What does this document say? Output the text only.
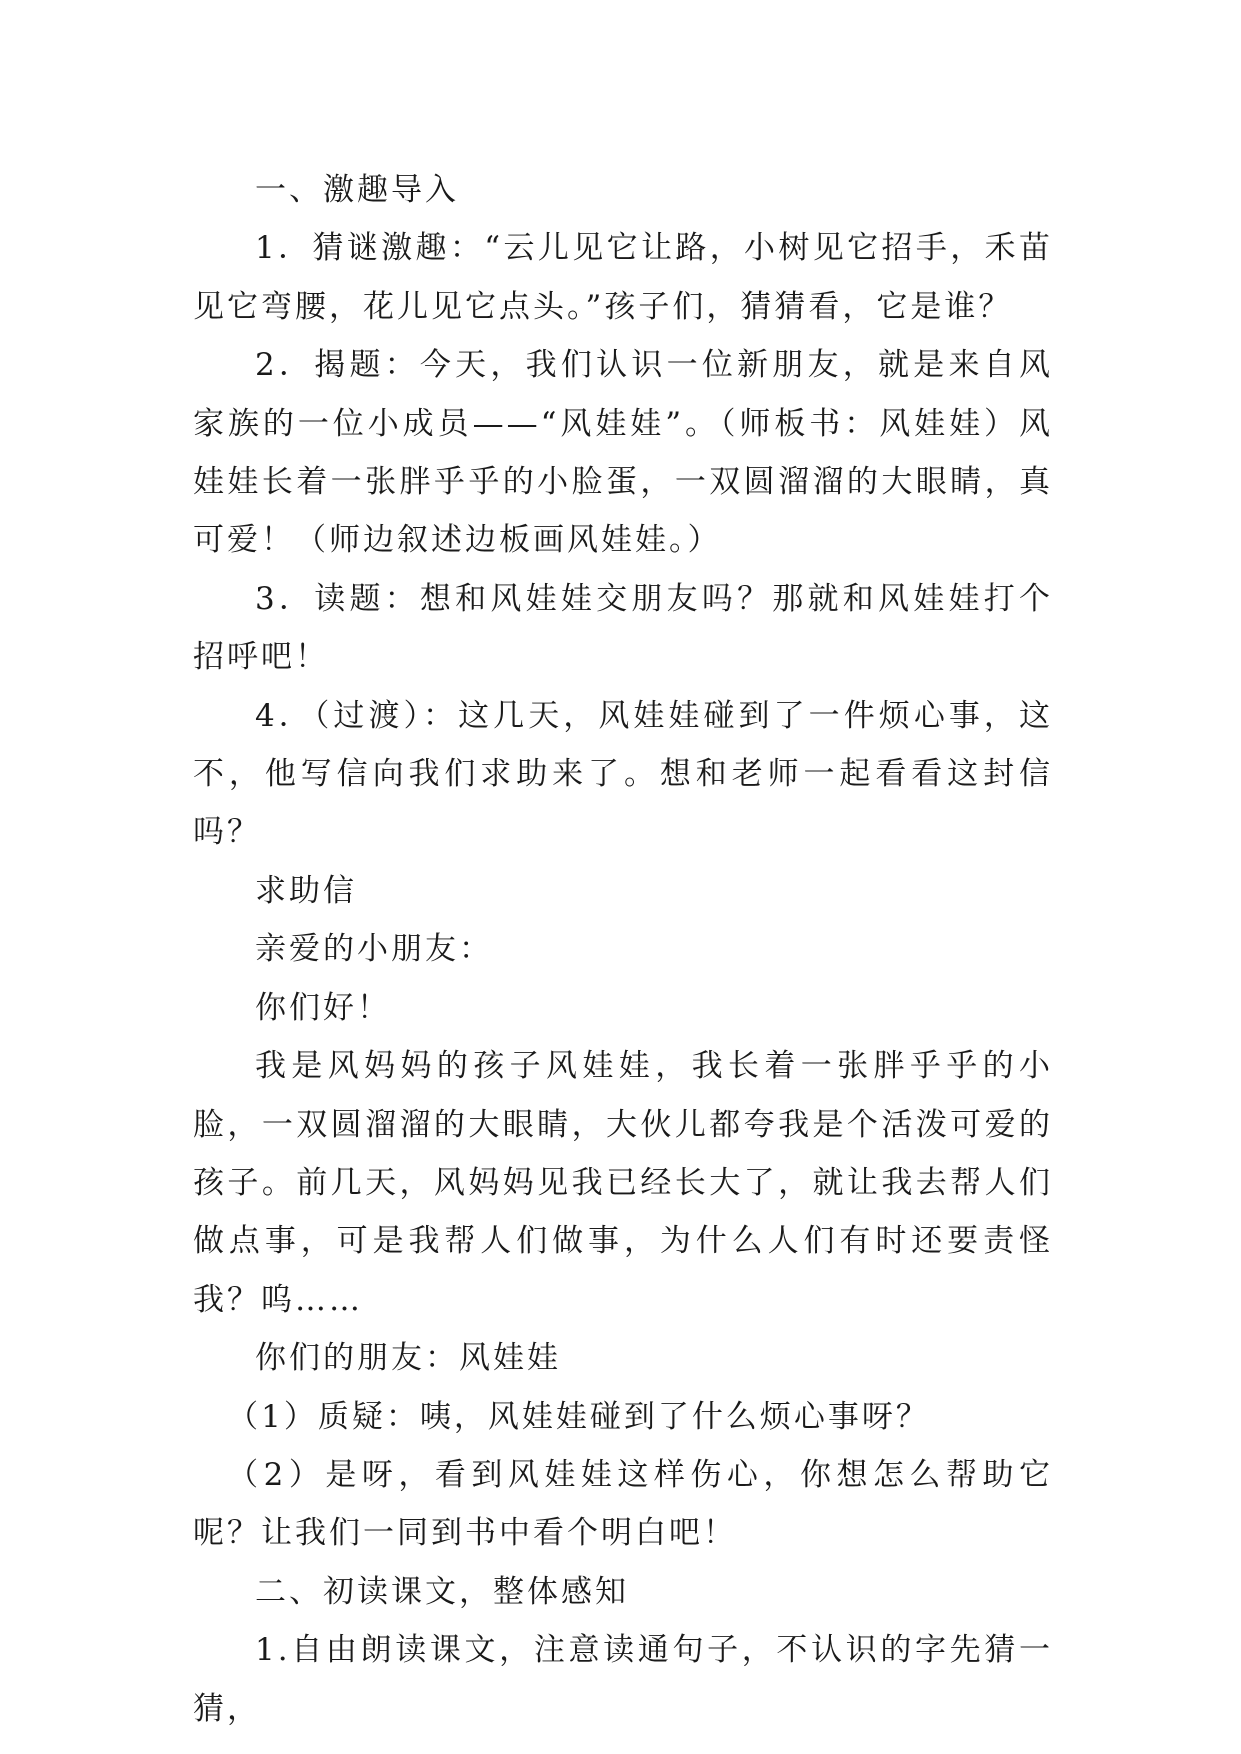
一、激趣导入

1．猜谜激趣：“云儿见它让路，小树见它招手，禾苗见它弯腰，花儿见它点头。”孩子们，猜猜看，它是谁？

2．揭题：今天，我们认识一位新朋友，就是来自风家族的一位小成员——“风娃娃”。（师板书：风娃娃）风娃娃长着一张胖乎乎的小脸蛋，一双圆溜溜的大眼睛，真可爱！（师边叙述边板画风娃娃。）

3．读题：想和风娃娃交朋友吗？那就和风娃娃打个招呼吧！

4．（过渡）：这几天，风娃娃碰到了一件烦心事，这不，他写信向我们求助来了。想和老师一起看看这封信吗？

求助信

亲爱的小朋友：

你们好！

我是风妈妈的孩子风娃娃，我长着一张胖乎乎的小脸，一双圆溜溜的大眼睛，大伙儿都夸我是个活泼可爱的孩子。前几天，风妈妈见我已经长大了，就让我去帮人们做点事，可是我帮人们做事，为什么人们有时还要责怪我？呜……

你们的朋友：风娃娃

（1）质疑：咦，风娃娃碰到了什么烦心事呀？

（2）是呀，看到风娃娃这样伤心，你想怎么帮助它呢？让我们一同到书中看个明白吧！

二、初读课文，整体感知

1.自由朗读课文，注意读通句子，不认识的字先猜一猜，
